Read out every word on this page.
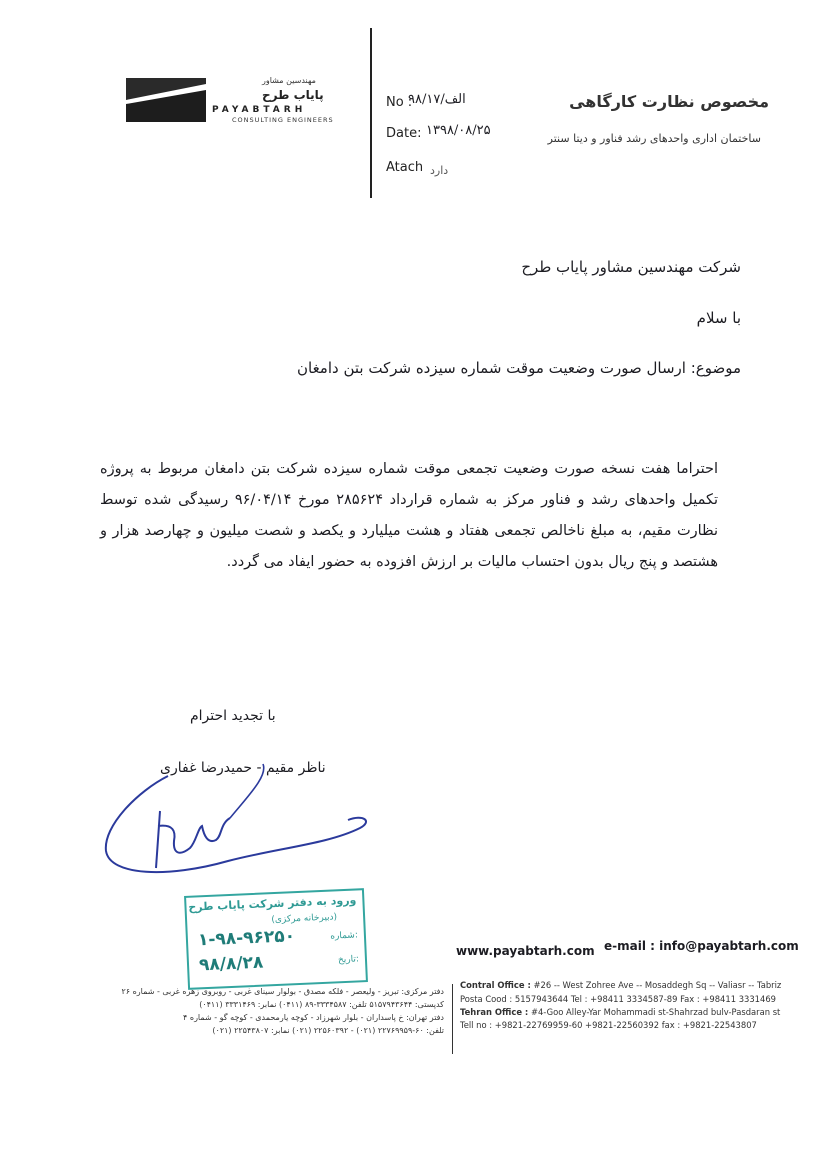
مهندسین مشاور
پایاب طرح
PAYABTARH
CONSULTING ENGINEERS
No :
۹۸/الف/۱۷
Date: ۱۳۹۸/۰۸/۲۵
Atach دارد
مخصوص نظارت کارگاهی
ساختمان اداری واحدهای رشد فناور و دیتا سنتر
شرکت مهندسین مشاور پایاب طرح
با سلام
موضوع: ارسال صورت وضعیت موقت شماره سیزده شرکت بتن دامغان
احتراما هفت نسخه صورت وضعیت تجمعی موقت شماره سیزده شرکت بتن دامغان مربوط به پروژه تکمیل واحدهای رشد و فناور مرکز به شماره قرارداد ۲۸۵۶۲۴ مورخ ۹۶/۰۴/۱۴ رسیدگی شده توسط نظارت مقیم، به مبلغ ناخالص تجمعی هفتاد و هشت میلیارد و یکصد و شصت میلیون و چهارصد هزار و هشتصد و پنج ریال بدون احتساب مالیات بر ارزش افزوده به حضور ایفاد می گردد.
با تجدید احترام
ناظر مقیم - حمیدرضا غفاری
ورود به دفتر شرکت پایاب طرح
(دبیرخانه مرکزی)
شماره:
۱-۹۸-۹۶۲۵۰
تاریخ:
۹۸/۸/۲۸
www.payabtarh.com e-mail : info@payabtarh.com
Contral Office : #26 -- West Zohree Ave -- Mosaddegh Sq -- Valiasr -- Tabriz
Posta Cood : 5157943644 Tel : +98411 3334587-89 Fax : +98411 3331469
Tehran Office : #4-Goo Alley-Yar Mohammadi st-Shahrzad bulv-Pasdaran st
Tell no : +9821-22769959-60 +9821-22560392 fax : +9821-22543807
دفتر مرکزی: تبریز - ولیعصر - فلکه مصدق - بولوار سینای غربی - روبروی زهره غربی - شماره ۲۶
کدپستی: ۵۱۵۷۹۴۳۶۴۴ تلفن: ۳۳۳۴۵۸۷-۸۹ (۰۴۱۱) نمابر: ۳۳۳۱۴۶۹ (۰۴۱۱)
دفتر تهران: خ پاسداران - بلوار شهرزاد - کوچه یارمحمدی - کوچه گو - شماره ۴
تلفن: ۶۰-۲۲۷۶۹۹۵۹ (۰۲۱) - ۲۲۵۶۰۳۹۲ (۰۲۱) نمابر: ۲۲۵۴۳۸۰۷ (۰۲۱)
